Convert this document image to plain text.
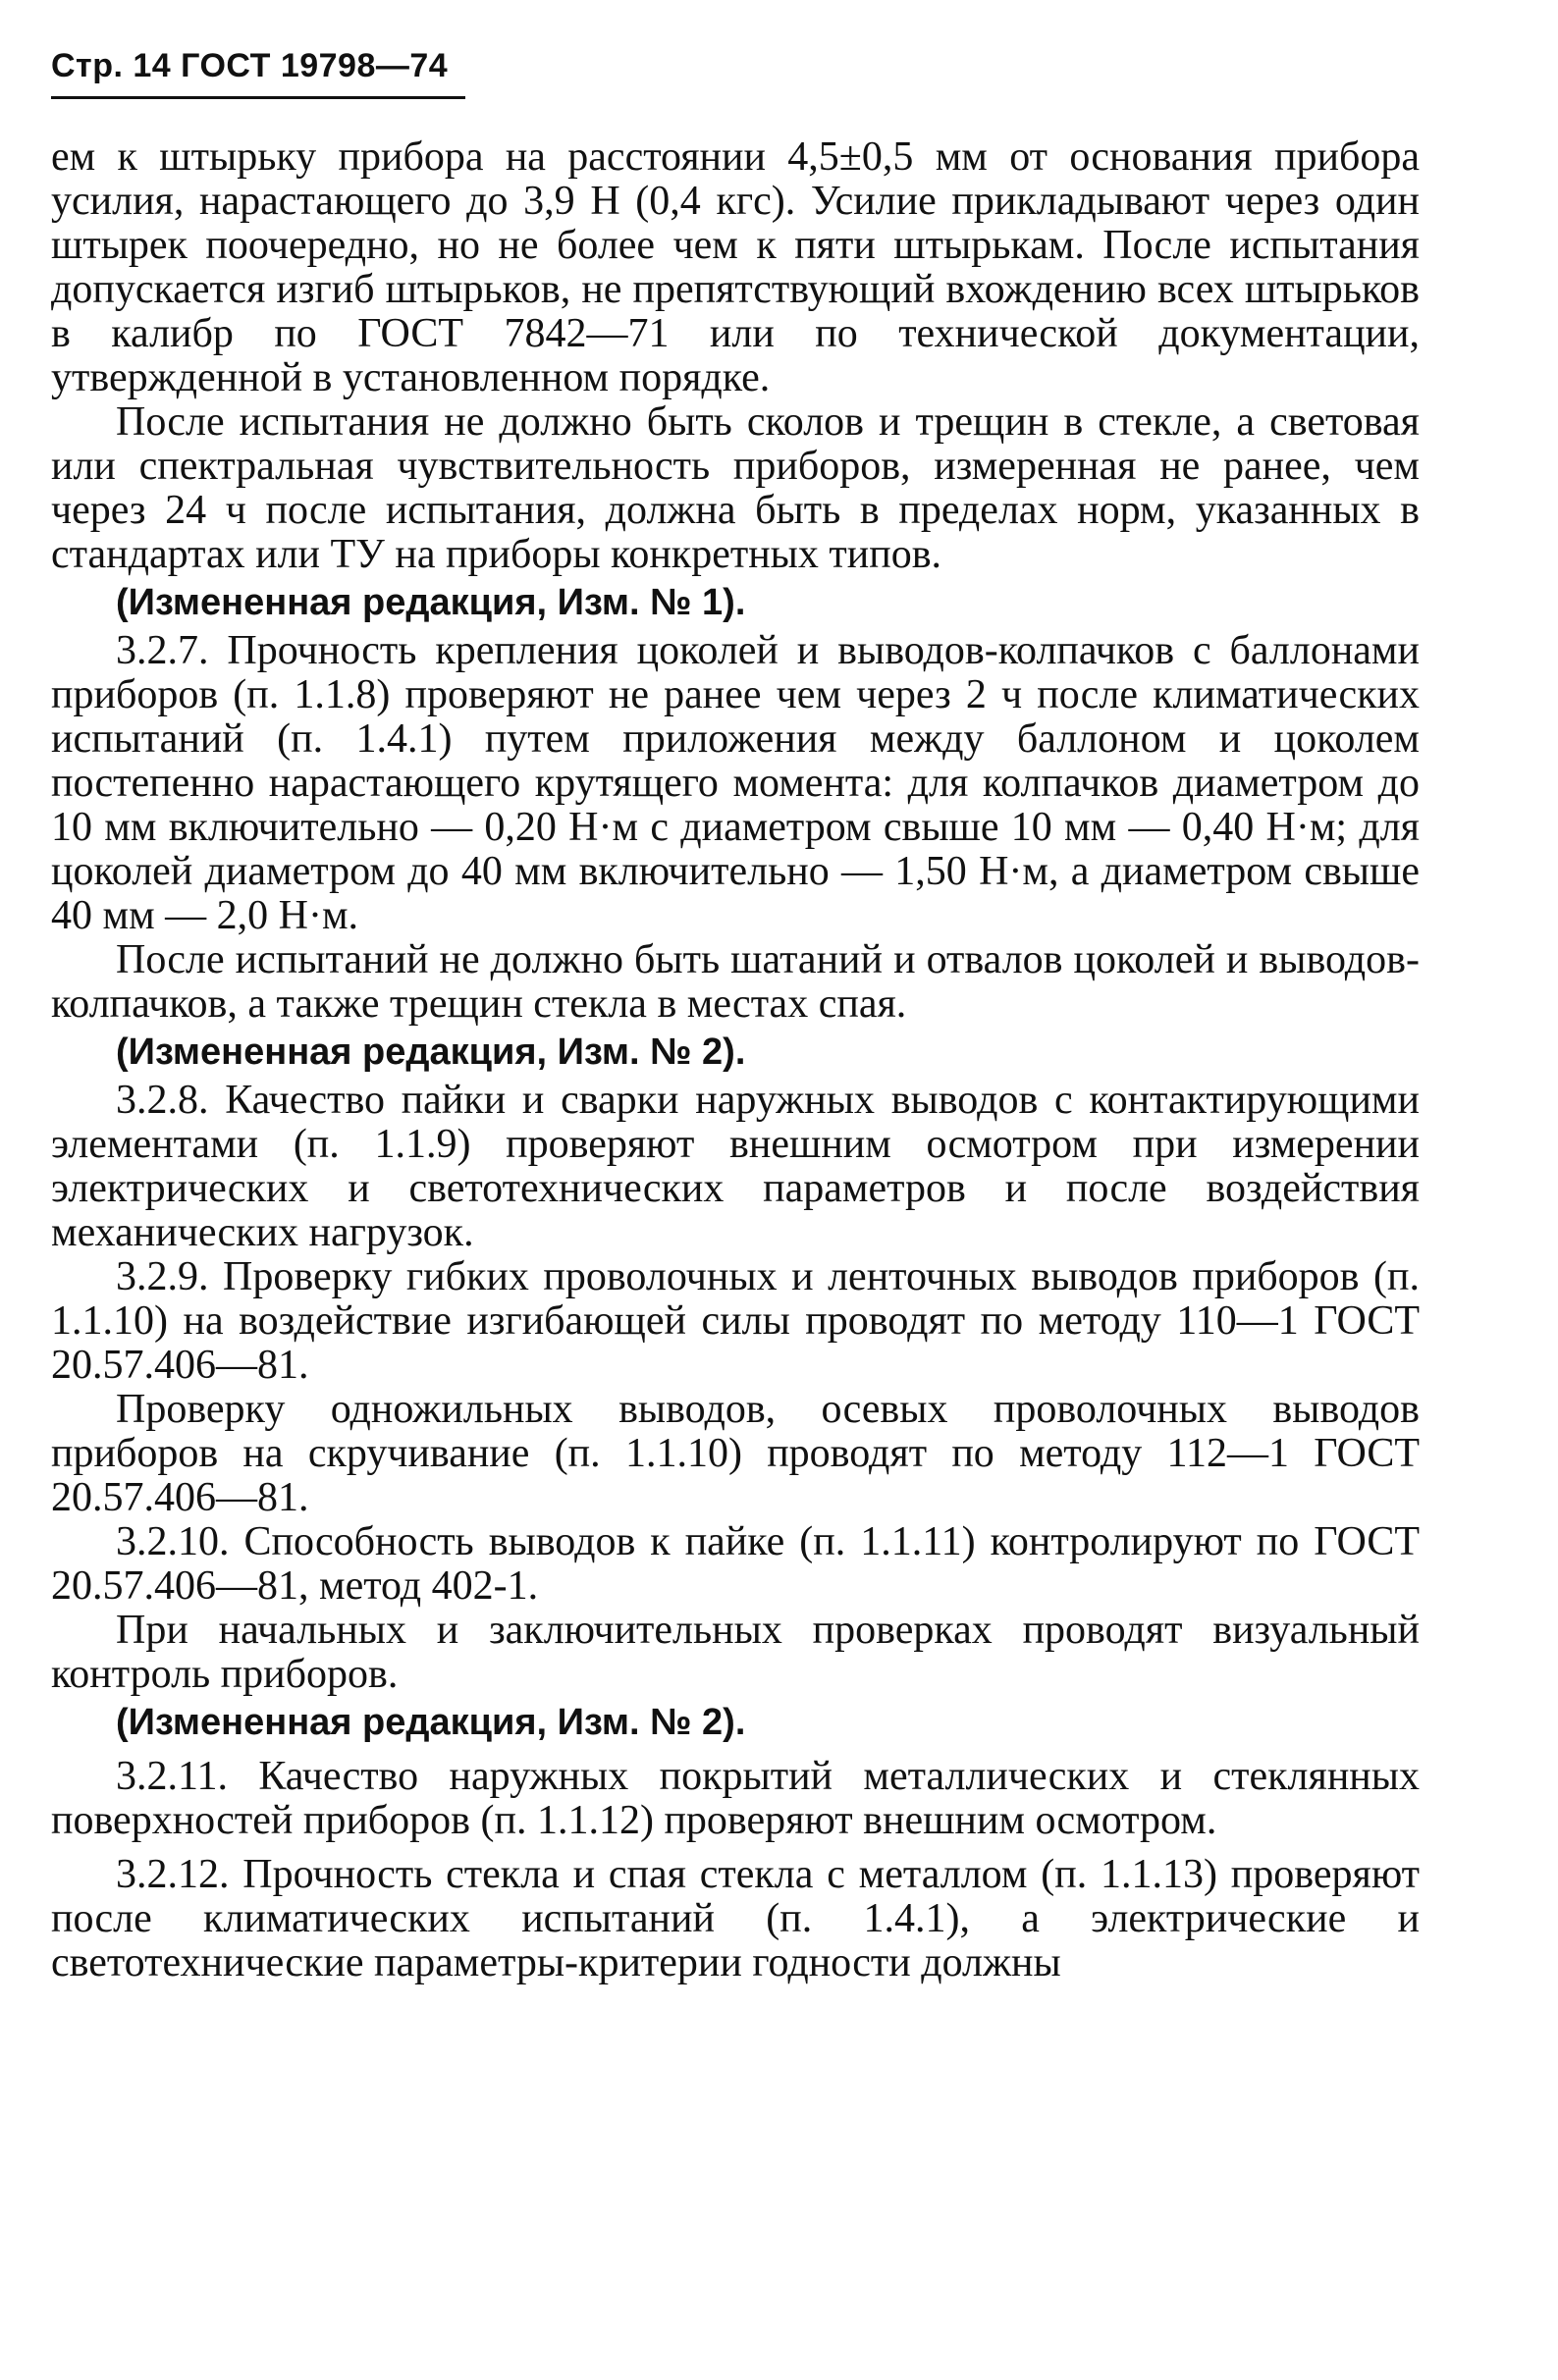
Стр. 14 ГОСТ 19798—74

ем к штырьку прибора на расстоянии 4,5±0,5 мм от основания прибора усилия, нарастающего до 3,9 Н (0,4 кгс). Усилие прикладывают через один штырек поочередно, но не более чем к пяти штырькам. После испытания допускается изгиб штырьков, не препятствующий вхождению всех штырьков в калибр по ГОСТ 7842—71 или по технической документации, утвержденной в установленном порядке.

После испытания не должно быть сколов и трещин в стекле, а световая или спектральная чувствительность приборов, измеренная не ранее, чем через 24 ч после испытания, должна быть в пределах норм, указанных в стандартах или ТУ на приборы конкретных типов.

(Измененная редакция, Изм. № 1).

3.2.7. Прочность крепления цоколей и выводов-колпачков с баллонами приборов (п. 1.1.8) проверяют не ранее чем через 2 ч после климатических испытаний (п. 1.4.1) путем приложения между баллоном и цоколем постепенно нарастающего крутящего момента: для колпачков диаметром до 10 мм включительно — 0,20 Н·м с диаметром свыше 10 мм — 0,40 Н·м; для цоколей диаметром до 40 мм включительно — 1,50 Н·м, а диаметром свыше 40 мм — 2,0 Н·м.

После испытаний не должно быть шатаний и отвалов цоколей и выводов-колпачков, а также трещин стекла в местах спая.

(Измененная редакция, Изм. № 2).

3.2.8. Качество пайки и сварки наружных выводов с контактирующими элементами (п. 1.1.9) проверяют внешним осмотром при измерении электрических и светотехнических параметров и после воздействия механических нагрузок.

3.2.9. Проверку гибких проволочных и ленточных выводов приборов (п. 1.1.10) на воздействие изгибающей силы проводят по методу 110—1 ГОСТ 20.57.406—81.

Проверку одножильных выводов, осевых проволочных выводов приборов на скручивание (п. 1.1.10) проводят по методу 112—1 ГОСТ 20.57.406—81.

3.2.10. Способность выводов к пайке (п. 1.1.11) контролируют по ГОСТ 20.57.406—81, метод 402-1.

При начальных и заключительных проверках проводят визуальный контроль приборов.

(Измененная редакция, Изм. № 2).

3.2.11. Качество наружных покрытий металлических и стеклянных поверхностей приборов (п. 1.1.12) проверяют внешним осмотром.

3.2.12. Прочность стекла и спая стекла с металлом (п. 1.1.13) проверяют после климатических испытаний (п. 1.4.1), а электрические и светотехнические параметры-критерии годности должны
